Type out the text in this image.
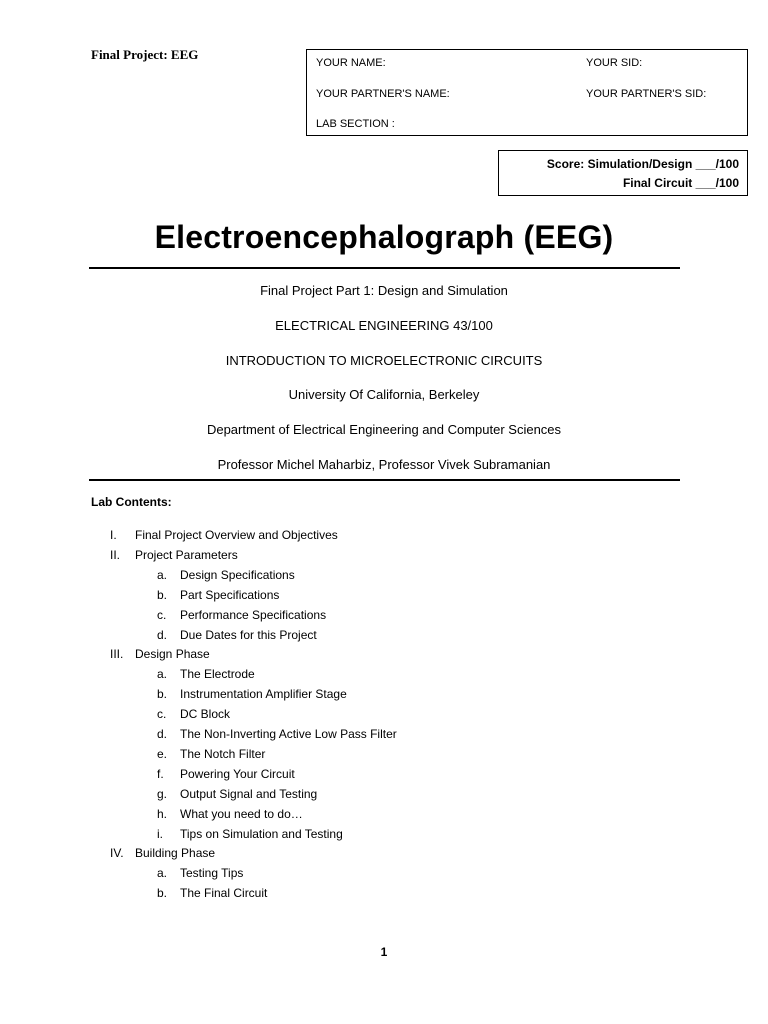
Final Project: EEG
YOUR NAME:	YOUR SID:
YOUR PARTNER'S NAME:	YOUR PARTNER'S SID:
LAB SECTION :
Score: Simulation/Design ___/100
Final Circuit ___/100
Electroencephalograph (EEG)
Final Project Part 1: Design and Simulation
ELECTRICAL ENGINEERING 43/100
INTRODUCTION TO MICROELECTRONIC CIRCUITS
University Of California, Berkeley
Department of Electrical Engineering and Computer Sciences
Professor Michel Maharbiz, Professor Vivek Subramanian
Lab Contents:
I. Final Project Overview and Objectives
II. Project Parameters
a. Design Specifications
b. Part Specifications
c. Performance Specifications
d. Due Dates for this Project
III. Design Phase
a. The Electrode
b. Instrumentation Amplifier Stage
c. DC Block
d. The Non-Inverting Active Low Pass Filter
e. The Notch Filter
f. Powering Your Circuit
g. Output Signal and Testing
h. What you need to do…
i. Tips on Simulation and Testing
IV. Building Phase
a. Testing Tips
b. The Final Circuit
1
